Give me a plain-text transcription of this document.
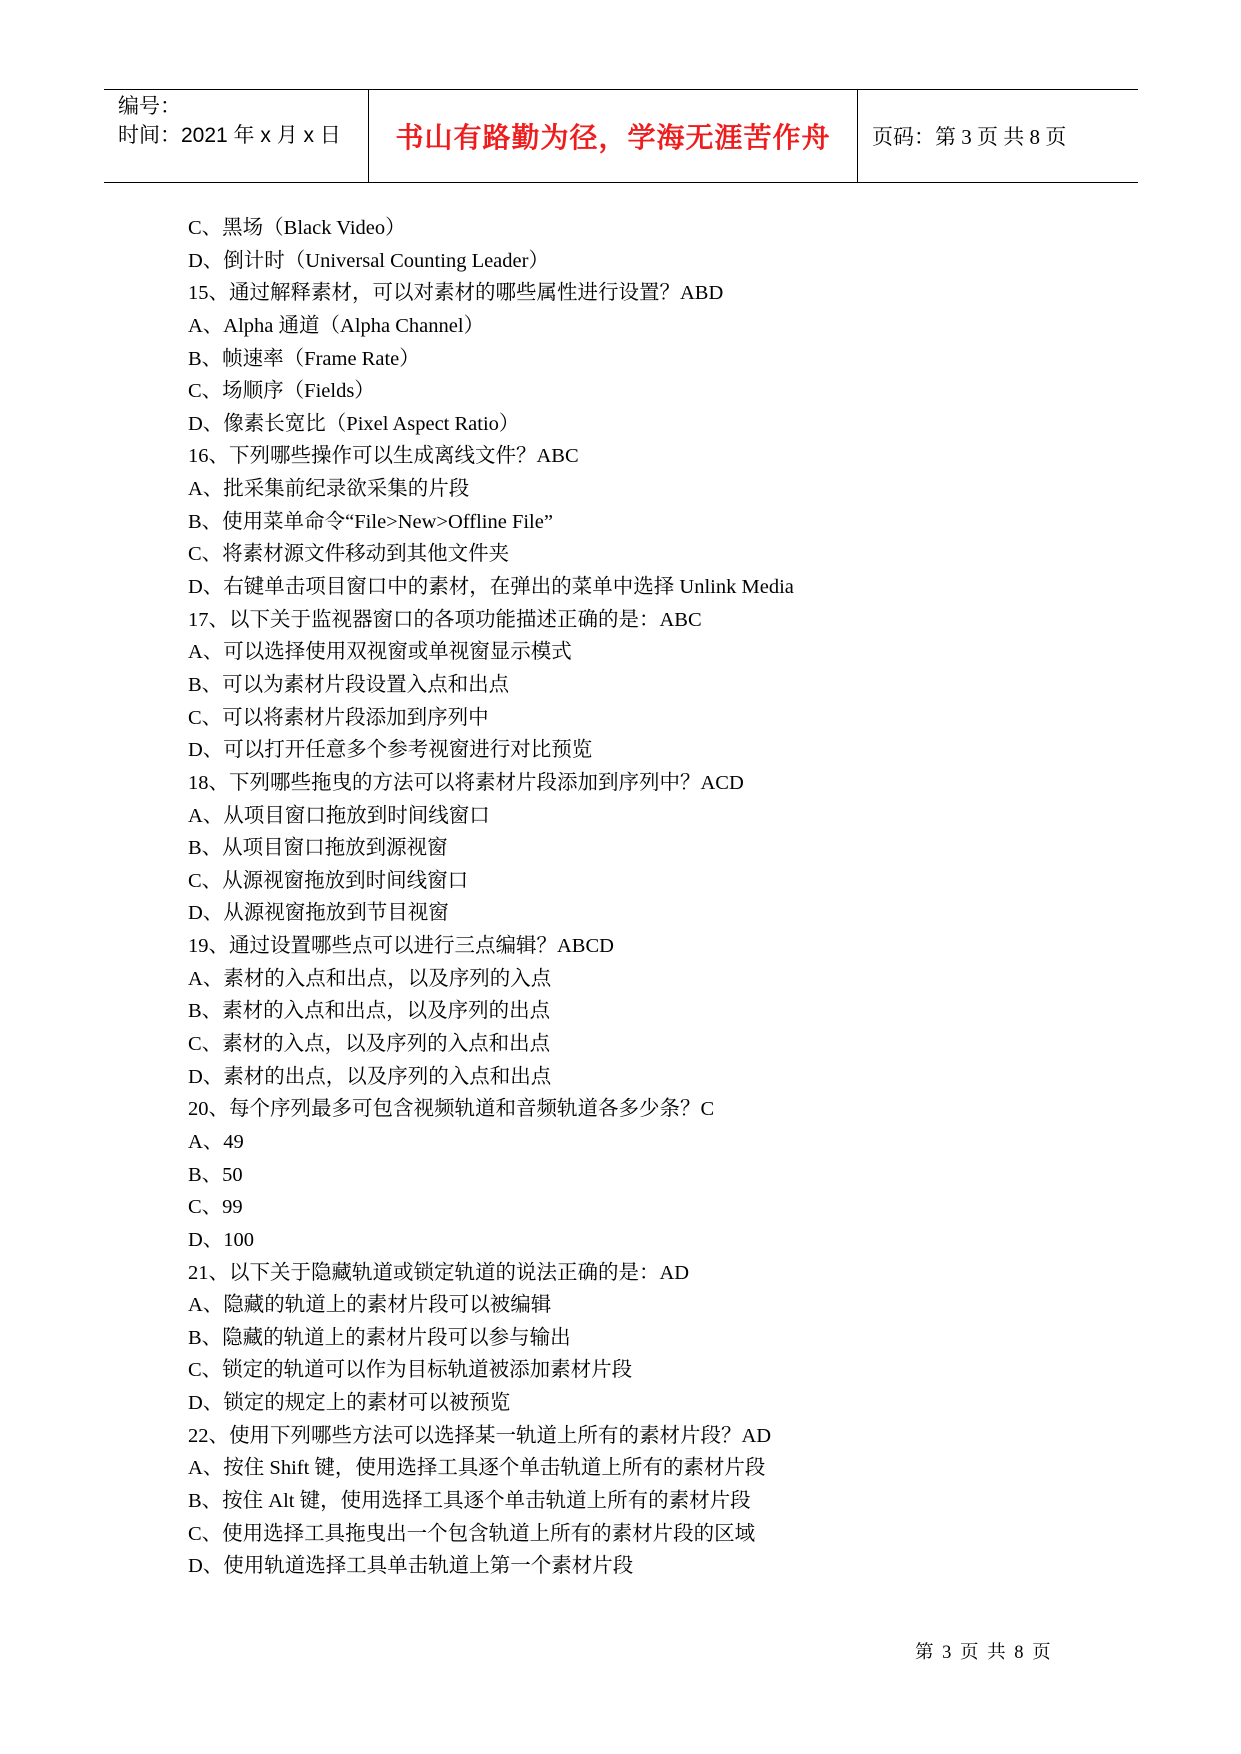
编号：
时间：2021 年 x 月 x 日	书山有路勤为径，学海无涯苦作舟	页码：第 3 页 共 8 页
C、黑场（Black Video）
D、倒计时（Universal Counting Leader）
15、通过解释素材，可以对素材的哪些属性进行设置？ABD
A、Alpha 通道（Alpha Channel）
B、帧速率（Frame Rate）
C、场顺序（Fields）
D、像素长宽比（Pixel Aspect Ratio）
16、下列哪些操作可以生成离线文件？ABC
A、批采集前纪录欲采集的片段
B、使用菜单命令“File>New>Offline File”
C、将素材源文件移动到其他文件夹
D、右键单击项目窗口中的素材，在弹出的菜单中选择 Unlink Media
17、以下关于监视器窗口的各项功能描述正确的是：ABC
A、可以选择使用双视窗或单视窗显示模式
B、可以为素材片段设置入点和出点
C、可以将素材片段添加到序列中
D、可以打开任意多个参考视窗进行对比预览
18、下列哪些拖曳的方法可以将素材片段添加到序列中？ACD
A、从项目窗口拖放到时间线窗口
B、从项目窗口拖放到源视窗
C、从源视窗拖放到时间线窗口
D、从源视窗拖放到节目视窗
19、通过设置哪些点可以进行三点编辑？ABCD
A、素材的入点和出点，以及序列的入点
B、素材的入点和出点，以及序列的出点
C、素材的入点，以及序列的入点和出点
D、素材的出点，以及序列的入点和出点
20、每个序列最多可包含视频轨道和音频轨道各多少条？C
A、49
B、50
C、99
D、100
21、以下关于隐藏轨道或锁定轨道的说法正确的是：AD
A、隐藏的轨道上的素材片段可以被编辑
B、隐藏的轨道上的素材片段可以参与输出
C、锁定的轨道可以作为目标轨道被添加素材片段
D、锁定的规定上的素材可以被预览
22、使用下列哪些方法可以选择某一轨道上所有的素材片段？AD
A、按住 Shift 键，使用选择工具逐个单击轨道上所有的素材片段
B、按住 Alt 键，使用选择工具逐个单击轨道上所有的素材片段
C、使用选择工具拖曳出一个包含轨道上所有的素材片段的区域
D、使用轨道选择工具单击轨道上第一个素材片段
第 3 页 共 8 页
